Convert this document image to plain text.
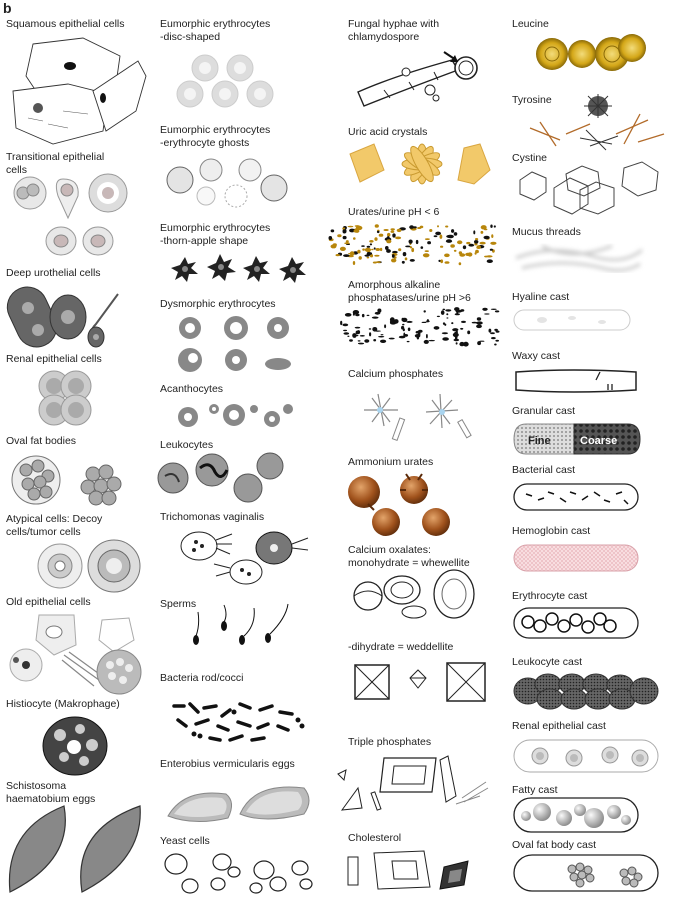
b
Squamous epithelial cells
Transitional epithelial
cells
Deep urothelial cells
Renal epithelial cells
Oval fat bodies
Atypical cells: Decoy
cells/tumor cells
Old epithelial cells
Histiocyte (Makrophage)
Schistosoma
haematobium eggs
Eumorphic erythrocytes
-disc-shaped
Eumorphic erythrocytes
-erythrocyte ghosts
Eumorphic erythrocytes
-thorn-apple shape
Dysmorphic erythrocytes
Acanthocytes
Leukocytes
Trichomonas vaginalis
Sperms
Bacteria rod/cocci
Enterobius vermicularis eggs
Yeast cells
Fungal hyphae with
chlamydospore
Uric acid crystals
Urates/urine pH < 6
Amorphous alkaline
phosphatases/urine pH >6
Calcium phosphates
Ammonium urates
Calcium oxalates:
monohydrate = whewellite
-dihydrate = weddellite
Triple phosphates
Cholesterol
Leucine
Tyrosine
Cystine
Mucus threads
Hyaline cast
Waxy cast
Granular cast
Fine	Coarse
Bacterial cast
Hemoglobin cast
Erythrocyte cast
Leukocyte cast
Renal epithelial cast
Fatty cast
Oval fat body cast
